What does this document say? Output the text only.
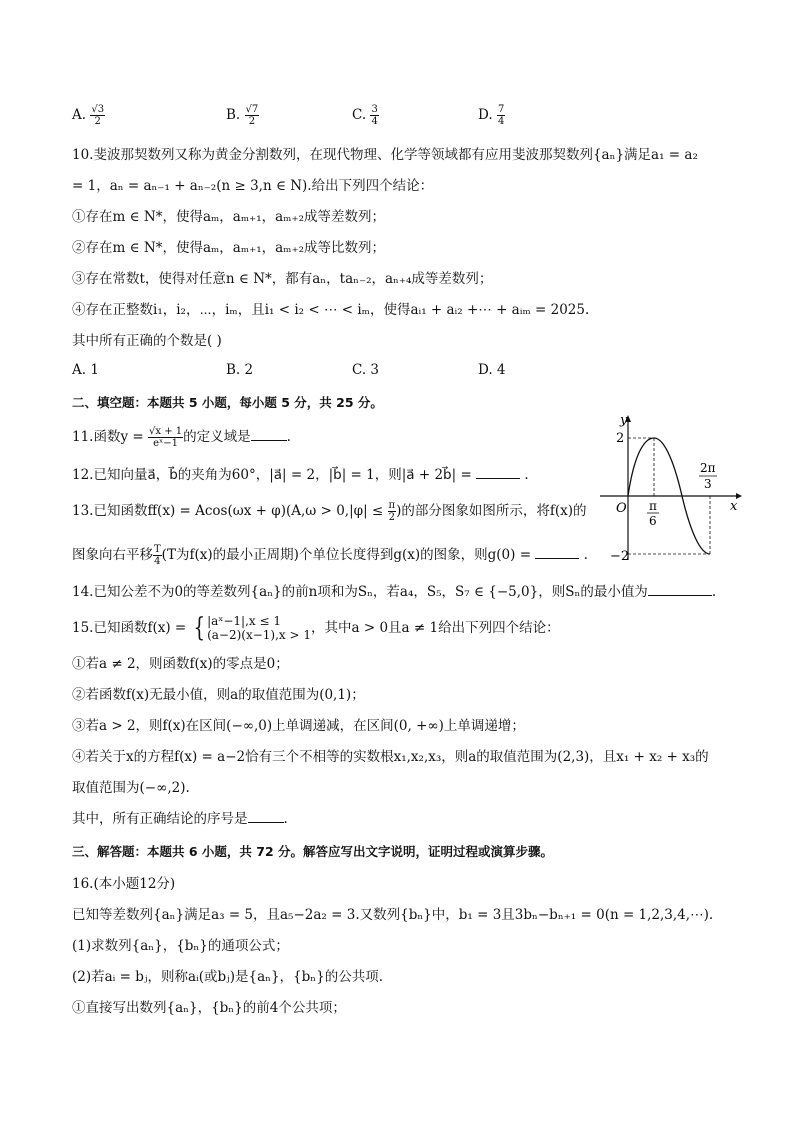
A. $\frac{√3}{2}$	B. $\frac{√7}{2}$	C. $\frac{3}{4}$	D. $\frac{7}{4}$
10.斐波那契数列又称为黄金分割数列，在现代物理、化学等领域都有应用斐波那契数列{aₙ}满足a₁ = a₂
= 1，aₙ = aₙ₋₁ + aₙ₋₂(n ≥ 3,n ∈ N).给出下列四个结论：
①存在m ∈ N*，使得aₘ，aₘ₊₁，aₘ₊₂成等差数列；
②存在m ∈ N*，使得aₘ，aₘ₊₁，aₘ₊₂成等比数列；
③存在常数t，使得对任意n ∈ N*，都有aₙ，taₙ₋₂，aₙ₊₄成等差数列；
④存在正整数i₁，i₂，⋯，iₘ，且i₁ < i₂ < ⋯ < iₘ，使得aᵢ₁ + aᵢ₂ +⋯ + aᵢₘ = 2025.
其中所有正确的个数是( )
A. 1	B. 2	C. 3	D. 4
二、填空题：本题共 5 小题，每小题 5 分，共 25 分。
11.函数$y = \frac{√x + 1}{\text{eˣ−1}}$ 的定义域是	.
12.已知向量a⃗，b⃗的夹角为60°，|a⃗| = 2，|b⃗| = 1，则|a⃗ + 2b⃗| =	.
13.已知函数$ff(x) = Acos(\omega x + \varphi)(A,\omega > 0,|\varphi| \le \frac{\pi}{2}$ )的部分图象如图所示，将f(x)的
图象向右平移 $\frac{T}{4} (T$为f(x)的最小正周期)个单位长度得到g(x)的图象，则g(0) =	.
y
x
O
2
−2
π
6
2π
3
14.已知公差不为0的等差数列{aₙ}的前n项和为Sₙ，若a₄，S₅，S₇ ∈ {−5,0}，则Sₙ的最小值为	.
15.已知函数f(x) = { |aˣ−1|,x ≤ 1
(a−2)(x−1),x > 1 ，其中a > 0且a ≠ 1给出下列四个结论：
①若a ≠ 2，则函数f(x)的零点是0；
②若函数f(x)无最小值，则a的取值范围为(0,1)；
③若a > 2，则f(x)在区间(−∞,0)上单调递减，在区间(0, +∞)上单调递增；
④若关于x的方程f(x) = a−2恰有三个不相等的实数根x₁,x₂,x₃，则a的取值范围为(2,3)，且x₁ + x₂ + x₃的
取值范围为(−∞,2).
其中，所有正确结论的序号是	.
三、解答题：本题共 6 小题，共 72 分。解答应写出文字说明，证明过程或演算步骤。
16.(本小题12分)
已知等差数列{aₙ}满足a₃ = 5，且a₅−2a₂ = 3.又数列{bₙ}中，b₁ = 3且3bₙ−bₙ₊₁ = 0(n = 1,2,3,4,⋯).
(1)求数列{aₙ}，{bₙ}的通项公式；
(2)若aᵢ = bⱼ，则称aᵢ(或bⱼ)是{aₙ}，{bₙ}的公共项.
①直接写出数列{aₙ}，{bₙ}的前4个公共项；
